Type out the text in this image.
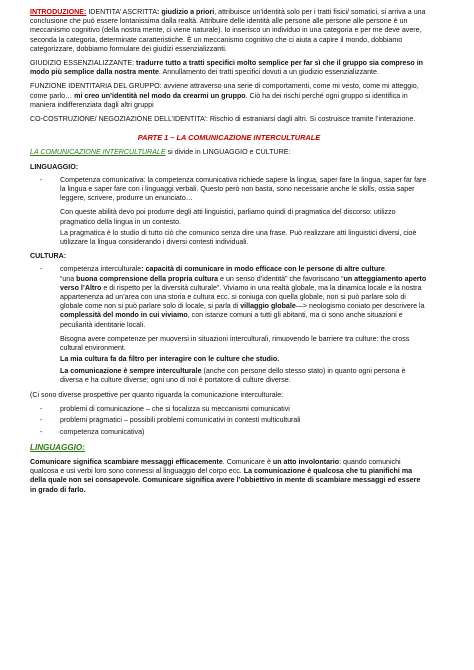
INTRODUZIONE: IDENTITA’ ASCRITTA: giudizio a priori, attribuisce un’identità solo per i tratti fisici/ somatici, si arriva a una conclusione che può essere lontanissima dalla realtà. Attribuire delle identità alle persone alle persone alle persone è un meccanismo cognitivo (della nostra mente, ci viene naturale). Io inserisco un individuo in una categoria e per me deve avere, seconda la categoria, determinate caratteristiche. È un meccanismo cognitivo che ci aiuta a capire il mondo, dobbiamo categorizzare, dobbiamo formulare dei giudizi essenzializzanti.

GIUDIZIO ESSENZIALIZZANTE: tradurre tutto a tratti specifici molto semplice per far sì che il gruppo sia compreso in modo più semplice dalla nostra mente. Annullamento dei tratti specifici dovuti a un giudizio essenzializzante.

FUNZIONE IDENTITARIA DEL GRUPPO: avviene attraverso una serie di comportamenti, come mi vesto, come mi atteggio, come parlo… mi creo un’identità nel modo da crearmi un gruppo. Ciò ha dei rischi perché ogni gruppo si identifica in maniera indifferenziata dagli altri gruppi

CO-COSTRUZIONE/ NEGOZIAZIONE DELL’IDENTITA’: Rischio di estraniarsi dagli altri. Si costruisce tramite l’interazione.

PARTE 1 – LA COMUNICAZIONE INTERCULTURALE

LA COMUNICAZIONE INTERCULTURALE si divide in LINGUAGGIO e CULTURE:

LINGUAGGIO:

- Competenza comunicativa: la competenza comunicativa richiede sapere la lingua, saper fare la lingua, saper far fare la lingua e saper fare con i linguaggi verbali. Questo però non basta, sono necessarie anche le skills, ossia saper leggere, scrivere, produrre un enunciato…

Con queste abilità devo poi produrre degli atti linguistici, parliamo quindi di pragmatica del discorso: utilizzo pragmatico della lingua in un contesto.

La pragmatica è lo studio di tutto ciò che comunico senza dire una frase. Può realizzare atti linguistici diversi, cioè utilizzare la lingua considerando i diversi contesti individuali.

CULTURA:

- competenza interculturale: capacità di comunicare in modo efficace con le persone di altre culture.
“una buona comprensione della propria cultura e un senso d’identità” che favoriscano “un atteggiamento aperto verso l’Altro e di rispetto per la diversità culturale”. Viviamo in una realtà globale, ma la dinamica locale e la nostra appartenenza ad un’area con una storia e cultura ecc. si coniuga con quella globale, non si può parlare solo di globale come non si può parlare solo di locale, si parla di villaggio globale—> neologismo coniato per descrivere la complessità del mondo in cui viviamo, con istanze comuni a tutti gli abitanti, ma ci sono anche situazioni e peculiarità identitarie locali.

Bisogna avere competenze per muoversi in situazioni interculturali, rimuovendo le barriere tra culture: the cross cultural environment.

La mia cultura fa da filtro per interagire con le culture che studio.

La comunicazione è sempre interculturale (anche con persone dello stesso stato) in quanto ogni persona è diversa e ha culture diverse; ogni uno di noi è portatore di culture diverse.

(Ci sono diverse prospettive per quanto riguarda la comunicazione interculturale:

- problemi di comunicazione – che si focalizza su meccanismi comunicativi
- problemi pragmatici – possibili problemi comunicativi in contesti multiculturali
- competenza comunicativa)

LINGUAGGIO:

Comunicare significa scambiare messaggi efficacemente. Comunicare è un atto involontario: quando comunichi qualcosa e usi verbi loro sono connessi al linguaggio del corpo ecc. La comunicazione è qualcosa che tu pianifichi ma della quale non sei consapevole. Comunicare significa avere l’obbiettivo in mente di scambiare messaggi ed essere in grado di farlo.
